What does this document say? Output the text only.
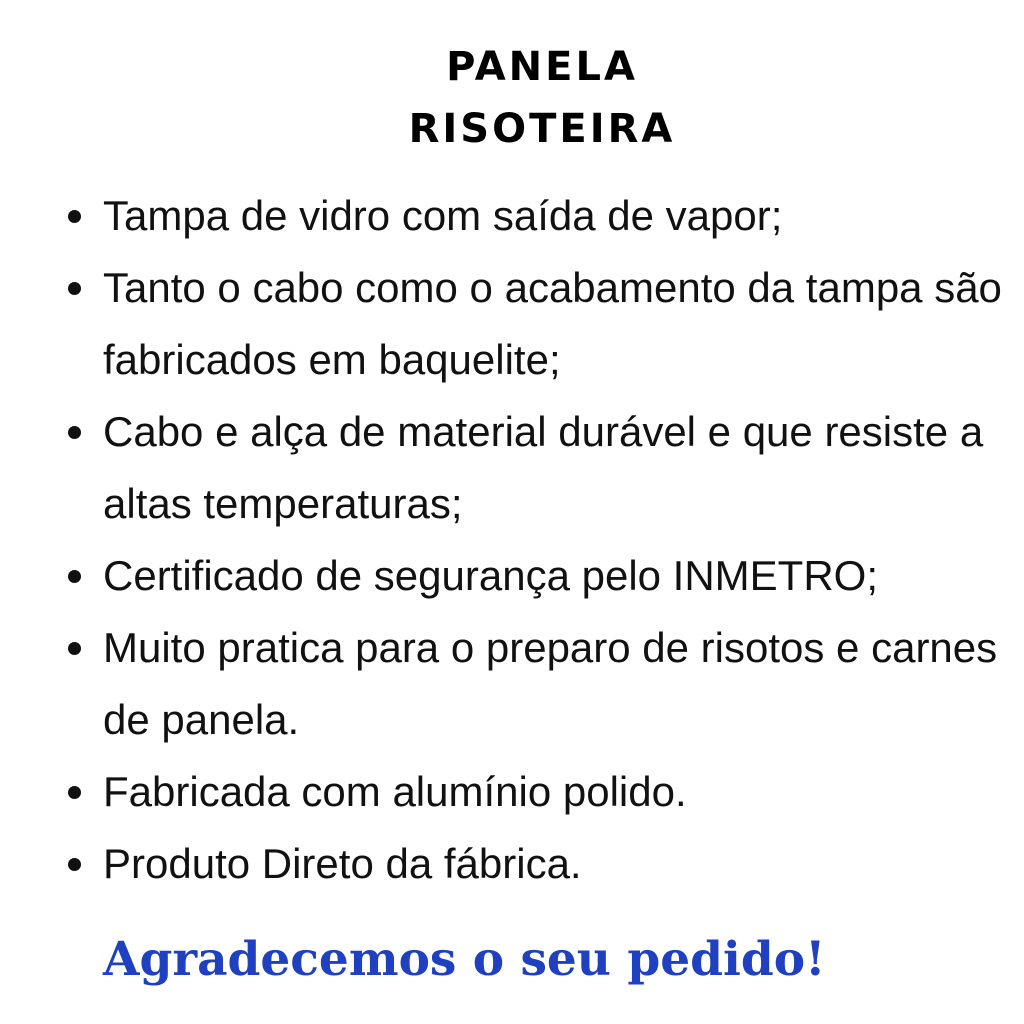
PANELA
RISOTEIRA
Tampa de vidro com saída de vapor;
Tanto o cabo como o acabamento da tampa são fabricados em baquelite;
Cabo e alça de material durável e que resiste a altas temperaturas;
Certificado de segurança pelo INMETRO;
Muito pratica para o preparo de risotos e carnes de panela.
Fabricada com alumínio polido.
Produto Direto da fábrica.

Agradecemos o seu pedido!
